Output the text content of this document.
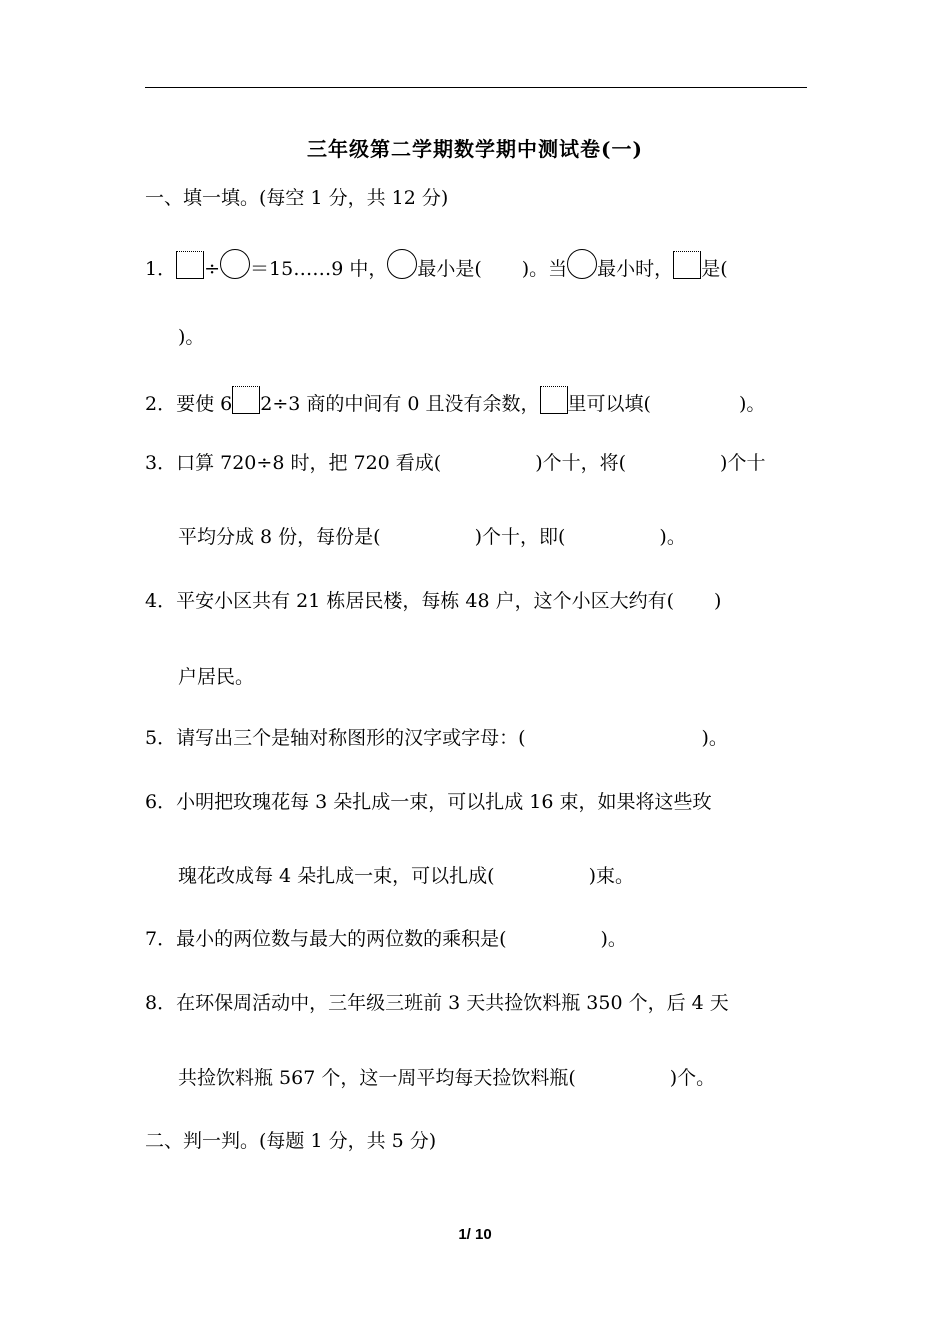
三年级第二学期数学期中测试卷(一)
一、填一填。(每空 1 分，共 12 分)
1． ÷ ＝15……9 中， 最小是( )。当 最小时， 是(
)。
2．要使 6 2÷3 商的中间有 0 且没有余数， 里可以填(	)。
3．口算 720÷8 时，把 720 看成(	)个十，将(	)个十
平均分成 8 份，每份是(	)个十，即(	)。
4．平安小区共有 21 栋居民楼，每栋 48 户，这个小区大约有( )
户居民。
5．请写出三个是轴对称图形的汉字或字母：(	)。
6．小明把玫瑰花每 3 朵扎成一束，可以扎成 16 束，如果将这些玫
瑰花改成每 4 朵扎成一束，可以扎成(	)束。
7．最小的两位数与最大的两位数的乘积是(	)。
8．在环保周活动中，三年级三班前 3 天共捡饮料瓶 350 个，后 4 天
共捡饮料瓶 567 个，这一周平均每天捡饮料瓶(	)个。
二、判一判。(每题 1 分，共 5 分)
1/ 10
